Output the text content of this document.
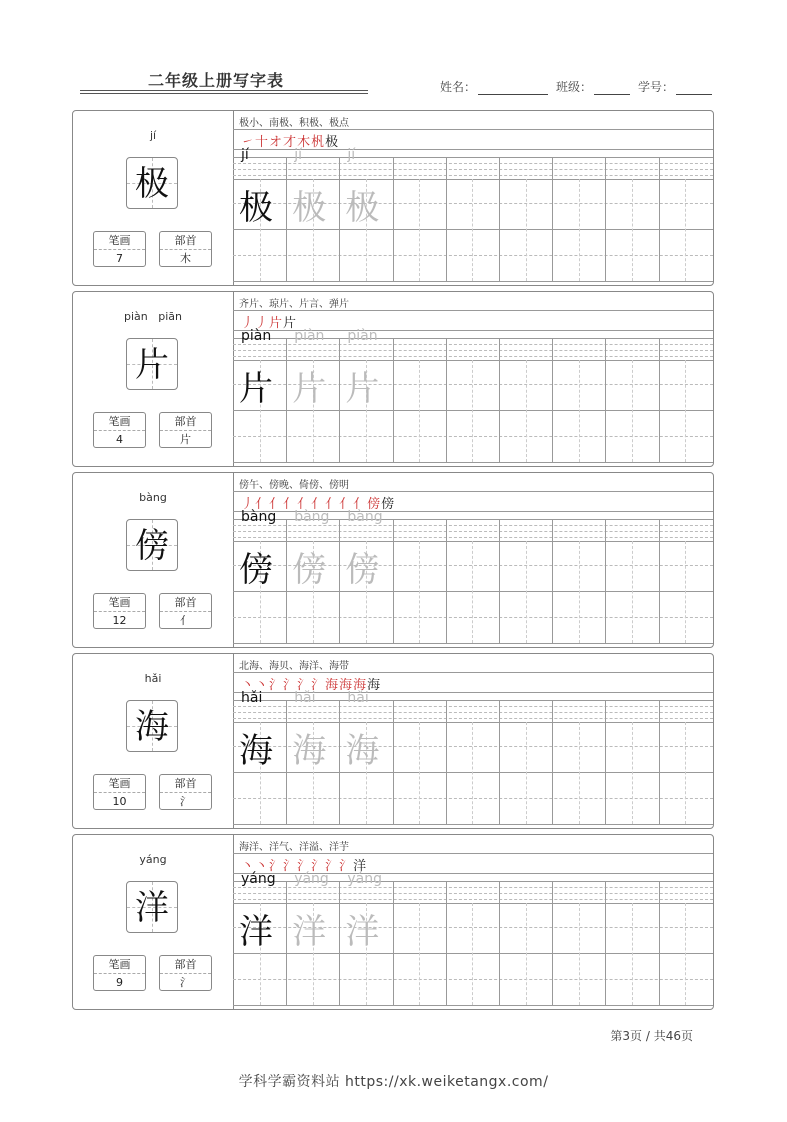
二年级上册写字表	姓名：	班级：	学号：
jí
极
笔画
7
部首
木
极小、南极、积极、极点
㇀十オ才木杋极
jí
极
jí
极
jí
极
piàn   piān
片
笔画
4
部首
片
齐片、琼片、片言、弹片
丿丿片片
piàn
片
piàn
片
piàn
片
bàng
傍
笔画
12
部首
亻
傍午、傍晚、倚傍、傍明
丿亻亻亻亻亻亻亻亻傍傍
bàng
傍
bàng
傍
bàng
傍
hǎi
海
笔画
10
部首
氵
北海、海贝、海洋、海带
丶丶氵氵氵氵海海海海
hǎi
海
hǎi
海
hǎi
海
yáng
洋
笔画
9
部首
氵
海洋、洋气、洋溢、洋芋
丶丶氵氵氵氵氵氵洋
yáng
洋
yáng
洋
yáng
洋
第3页 / 共46页
学科学霸资料站 https://xk.weiketangx.com/
